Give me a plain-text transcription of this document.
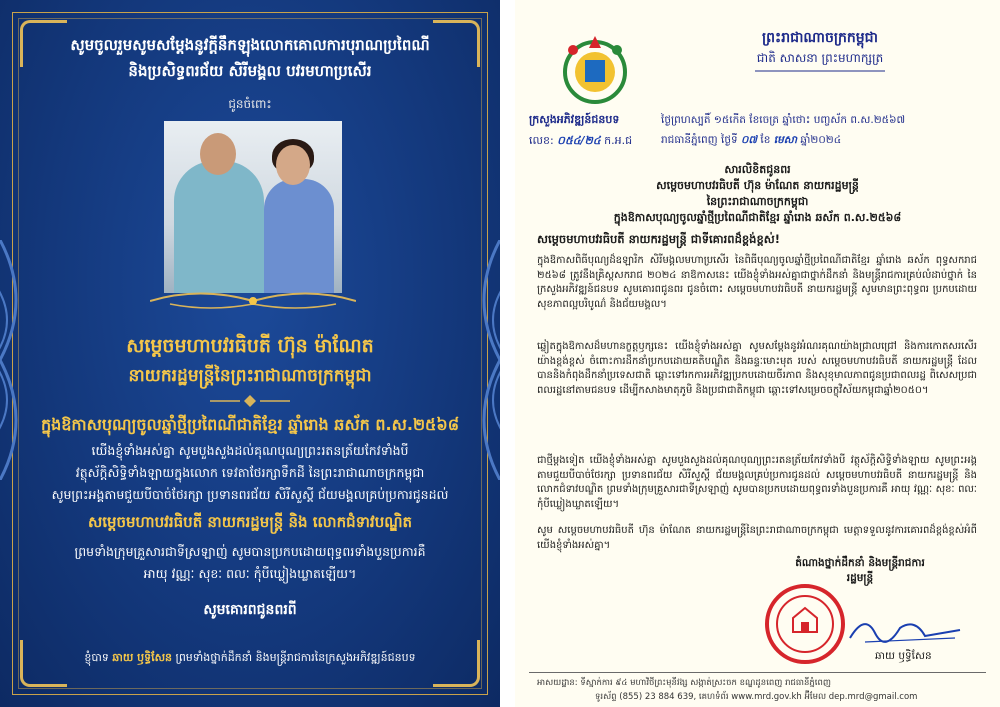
សូមចូលរួមសូមសម្ដែងនូវក្ដីនឹកឡុងលោកគោលការបុរាណប្រពៃណី
និងប្រសិទ្ធពរជ័យ សិរីមង្គល បវរមហាប្រសើរ
ជូនចំពោះ
សម្ដេចមហាបវរធិបតី ហ៊ុន ម៉ាណែត
នាយករដ្ឋមន្ត្រីនៃព្រះរាជាណាចក្រកម្ពុជា
ក្នុងឱកាសបុណ្យចូលឆ្នាំថ្មីប្រពៃណីជាតិខ្មែរ ឆ្នាំរោង ឆស័ក ព.ស.២៥៦៨
យើងខ្ញុំទាំងអស់គ្នា សូមបួងសួងដល់គុណបុណ្យព្រះរតនត្រ័យកែវទាំងបី
វត្ថុស័ក្ដិសិទ្ធិទាំងឡាយក្នុងលោក ទេវតាថែរក្សាទឹកដី នៃព្រះរាជាណាចក្រកម្ពុជា
សូមព្រះអង្គតាមជួយបីបាច់ថែរក្សា ប្រទានពរជ័យ សិរីសួស្ដី ជ័យមង្គលគ្រប់ប្រការជូនដល់
សម្ដេចមហាបវរធិបតី នាយករដ្ឋមន្ត្រី និង លោកជំទាវបណ្ឌិត
ព្រមទាំងក្រុមគ្រួសារជាទីស្រឡាញ់ សូមបានប្រកបដោយពុទ្ធពរទាំងបួនប្រការគឺ
អាយុ វណ្ណៈ សុខៈ ពលៈ កុំបីឃ្លៀងឃ្លាតឡើយ។
សូមគោរពជូនពរពី
ខ្ញុំបាទ ឆាយ ឫទ្ធិសែន ព្រមទាំងថ្នាក់ដឹកនាំ និងមន្ត្រីរាជការនៃក្រសួងអភិវឌ្ឍន៍ជនបទ
ក្រសួងអភិវឌ្ឍន៍ជនបទ
ព្រះរាជាណាចក្រកម្ពុជា
ជាតិ សាសនា ព្រះមហាក្សត្រ
លេខ: ០៥៤/២៤ ក.អ.ជ
ថ្ងៃ​ព្រហស្បតិ៍ ១៥កើត ខែចេត្រ ឆ្នាំថោះ បញ្ចស័ក ព.ស.២៥៦៧
រាជធានីភ្នំពេញ ថ្ងៃទី ០៧ ខែ មេសា ឆ្នាំ២០២៤
សារលិខិតជូនពរ
សម្ដេចមហាបវរធិបតី ហ៊ុន ម៉ាណែត នាយករដ្ឋមន្ត្រី
នៃព្រះរាជាណាចក្រកម្ពុជា
ក្នុងឱកាសបុណ្យចូលឆ្នាំថ្មីប្រពៃណីជាតិខ្មែរ ឆ្នាំរោង ឆស័ក ព.ស.២៥៦៨
សម្ដេចមហាបវរធិបតី នាយករដ្ឋមន្ត្រី ជាទីគោរពដ៏ខ្ពង់ខ្ពស់!
ក្នុងឱកាសពិធីបុណ្យដ៏ឧឡារិក សិរីមង្គលមហាប្រសើរ នៃពិធីបុណ្យចូលឆ្នាំថ្មីប្រពៃណីជាតិខ្មែរ ឆ្នាំរោង ឆស័ក ពុទ្ធសករាជ ២៥៦៨ ត្រូវនឹងគ្រិស្តសករាជ ២០២៤ នាឱកាសនេះ យើងខ្ញុំទាំងអស់គ្នាជាថ្នាក់ដឹកនាំ និងមន្ត្រីរាជការគ្រប់លំដាប់ថ្នាក់ នៃក្រសួងអភិវឌ្ឍន៍ជនបទ សូមគោរពជូនពរ ជូនចំពោះ សម្ដេចមហាបវរធិបតី នាយករដ្ឋមន្ត្រី សូមមានព្រះពុទ្ធពរ ប្រកបដោយសុខភាពល្អបរិបូណ៌ និងជ័យមង្គល។
ឆ្លៀតក្នុងឱកាសដ៏មហានក្ខត្តឫក្សនេះ យើងខ្ញុំទាំងអស់គ្នា សូមសម្ដែងនូវអំណរគុណយ៉ាងជ្រាលជ្រៅ និងការកោតសរសើរយ៉ាងខ្ពង់ខ្ពស់ ចំពោះការដឹកនាំប្រកបដោយគតិបណ្ឌិត និងឆន្ទៈមោះមុត របស់ សម្ដេចមហាបវរធិបតី នាយករដ្ឋមន្ត្រី ដែលបាននិងកំពុងដឹកនាំប្រទេសជាតិ ឆ្ពោះទៅរកការអភិវឌ្ឍប្រកបដោយចីរភាព និងសុខុមាលភាពជូនប្រជាពលរដ្ឋ ពិសេសប្រជាពលរដ្ឋនៅតាមជនបទ ដើម្បីកសាងមាតុភូមិ និងប្រជាជាតិកម្ពុជា ឆ្ពោះទៅសម្រេចចក្ខុវិស័យកម្ពុជាឆ្នាំ២០៥០។
ជាថ្មីម្ដងទៀត យើងខ្ញុំទាំងអស់គ្នា សូមបួងសួងដល់គុណបុណ្យព្រះរតនត្រ័យកែវទាំងបី វត្ថុស័ក្ដិសិទ្ធិទាំងឡាយ សូមព្រះអង្គតាមជួយបីបាច់ថែរក្សា ប្រទានពរជ័យ សិរីសួស្ដី ជ័យមង្គលគ្រប់ប្រការជូនដល់ សម្ដេចមហាបវរធិបតី នាយករដ្ឋមន្ត្រី និង លោកជំទាវបណ្ឌិត ព្រមទាំងក្រុមគ្រួសារជាទីស្រឡាញ់ សូមបានប្រកបដោយពុទ្ធពរទាំងបួនប្រការគឺ អាយុ វណ្ណៈ សុខៈ ពលៈ កុំបីឃ្លៀងឃ្លាតឡើយ។
សូម សម្ដេចមហាបវរធិបតី ហ៊ុន ម៉ាណែត នាយករដ្ឋមន្ត្រីនៃព្រះរាជាណាចក្រកម្ពុជា មេត្តាទទួលនូវការគោរពដ៏ខ្ពង់ខ្ពស់អំពីយើងខ្ញុំទាំងអស់គ្នា។
តំណាងថ្នាក់ដឹកនាំ និងមន្ត្រីរាជការ
រដ្ឋមន្ត្រី
ឆាយ ឫទ្ធិសែន
អាសយដ្ឋាន: ទីស្នាក់ការ ៩៤ មហាវិថីព្រះមុនីវង្ស សង្កាត់ស្រះចក ខណ្ឌដូនពេញ រាជធានីភ្នំពេញ
ទូរស័ព្ទ (855) 23 884 639, គេហទំព័រ www.mrd.gov.kh អ៊ីមែល dep.mrd@gmail.com
